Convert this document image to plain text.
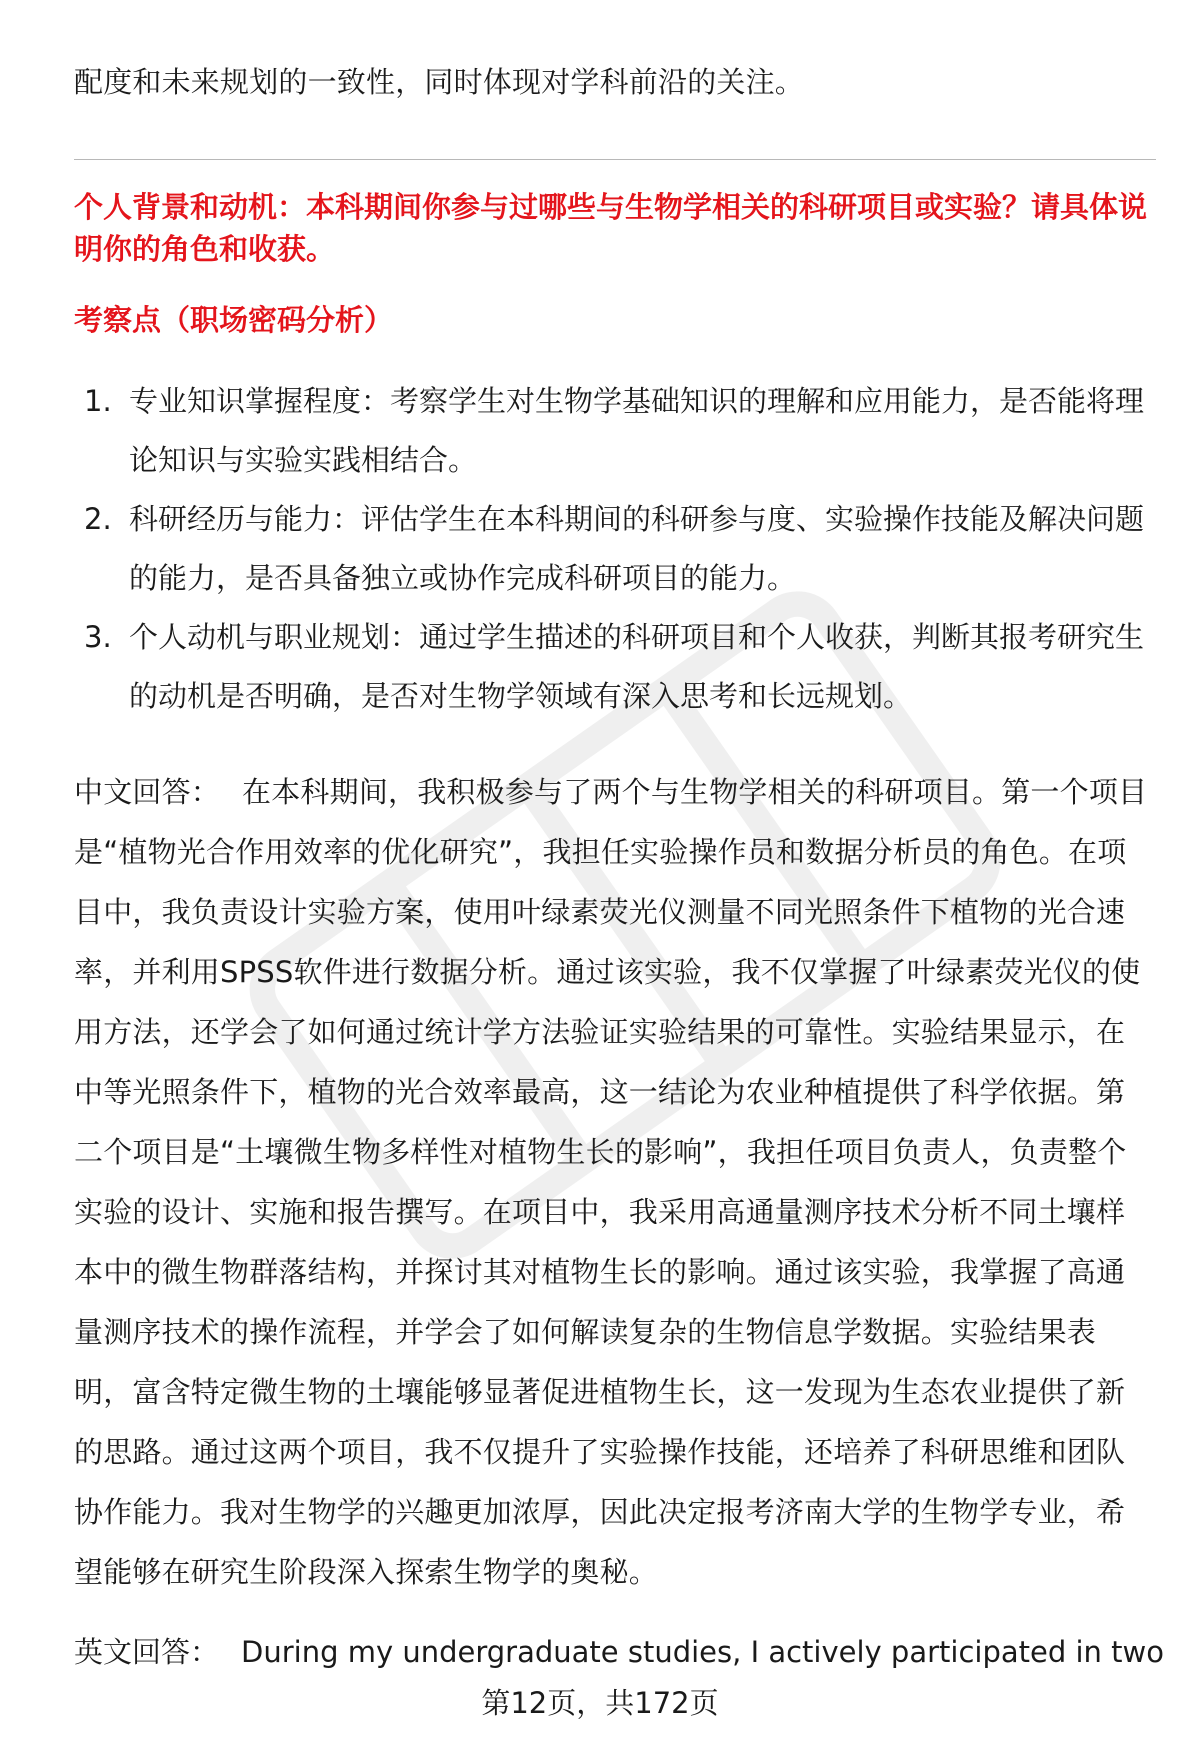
配度和未来规划的一致性，同时体现对学科前沿的关注。
个人背景和动机：本科期间你参与过哪些与生物学相关的科研项目或实验？请具体说明你的角色和收获。
考察点（职场密码分析）
1. 专业知识掌握程度：考察学生对生物学基础知识的理解和应用能力，是否能将理论知识与实验实践相结合。
2. 科研经历与能力：评估学生在本科期间的科研参与度、实验操作技能及解决问题的能力，是否具备独立或协作完成科研项目的能力。
3. 个人动机与职业规划：通过学生描述的科研项目和个人收获，判断其报考研究生的动机是否明确，是否对生物学领域有深入思考和长远规划。
中文回答： 在本科期间，我积极参与了两个与生物学相关的科研项目。第一个项目是“植物光合作用效率的优化研究”，我担任实验操作员和数据分析员的角色。在项目中，我负责设计实验方案，使用叶绿素荧光仪测量不同光照条件下植物的光合速率，并利用SPSS软件进行数据分析。通过该实验，我不仅掌握了叶绿素荧光仪的使用方法，还学会了如何通过统计学方法验证实验结果的可靠性。实验结果显示，在中等光照条件下，植物的光合效率最高，这一结论为农业种植提供了科学依据。第二个项目是“土壤微生物多样性对植物生长的影响”，我担任项目负责人，负责整个实验的设计、实施和报告撰写。在项目中，我采用高通量测序技术分析不同土壤样本中的微生物群落结构，并探讨其对植物生长的影响。通过该实验，我掌握了高通量测序技术的操作流程，并学会了如何解读复杂的生物信息学数据。实验结果表明，富含特定微生物的土壤能够显著促进植物生长，这一发现为生态农业提供了新的思路。通过这两个项目，我不仅提升了实验操作技能，还培养了科研思维和团队协作能力。我对生物学的兴趣更加浓厚，因此决定报考济南大学的生物学专业，希望能够在研究生阶段深入探索生物学的奥秘。
英文回答： During my undergraduate studies, I actively participated in two
第12页，共172页
